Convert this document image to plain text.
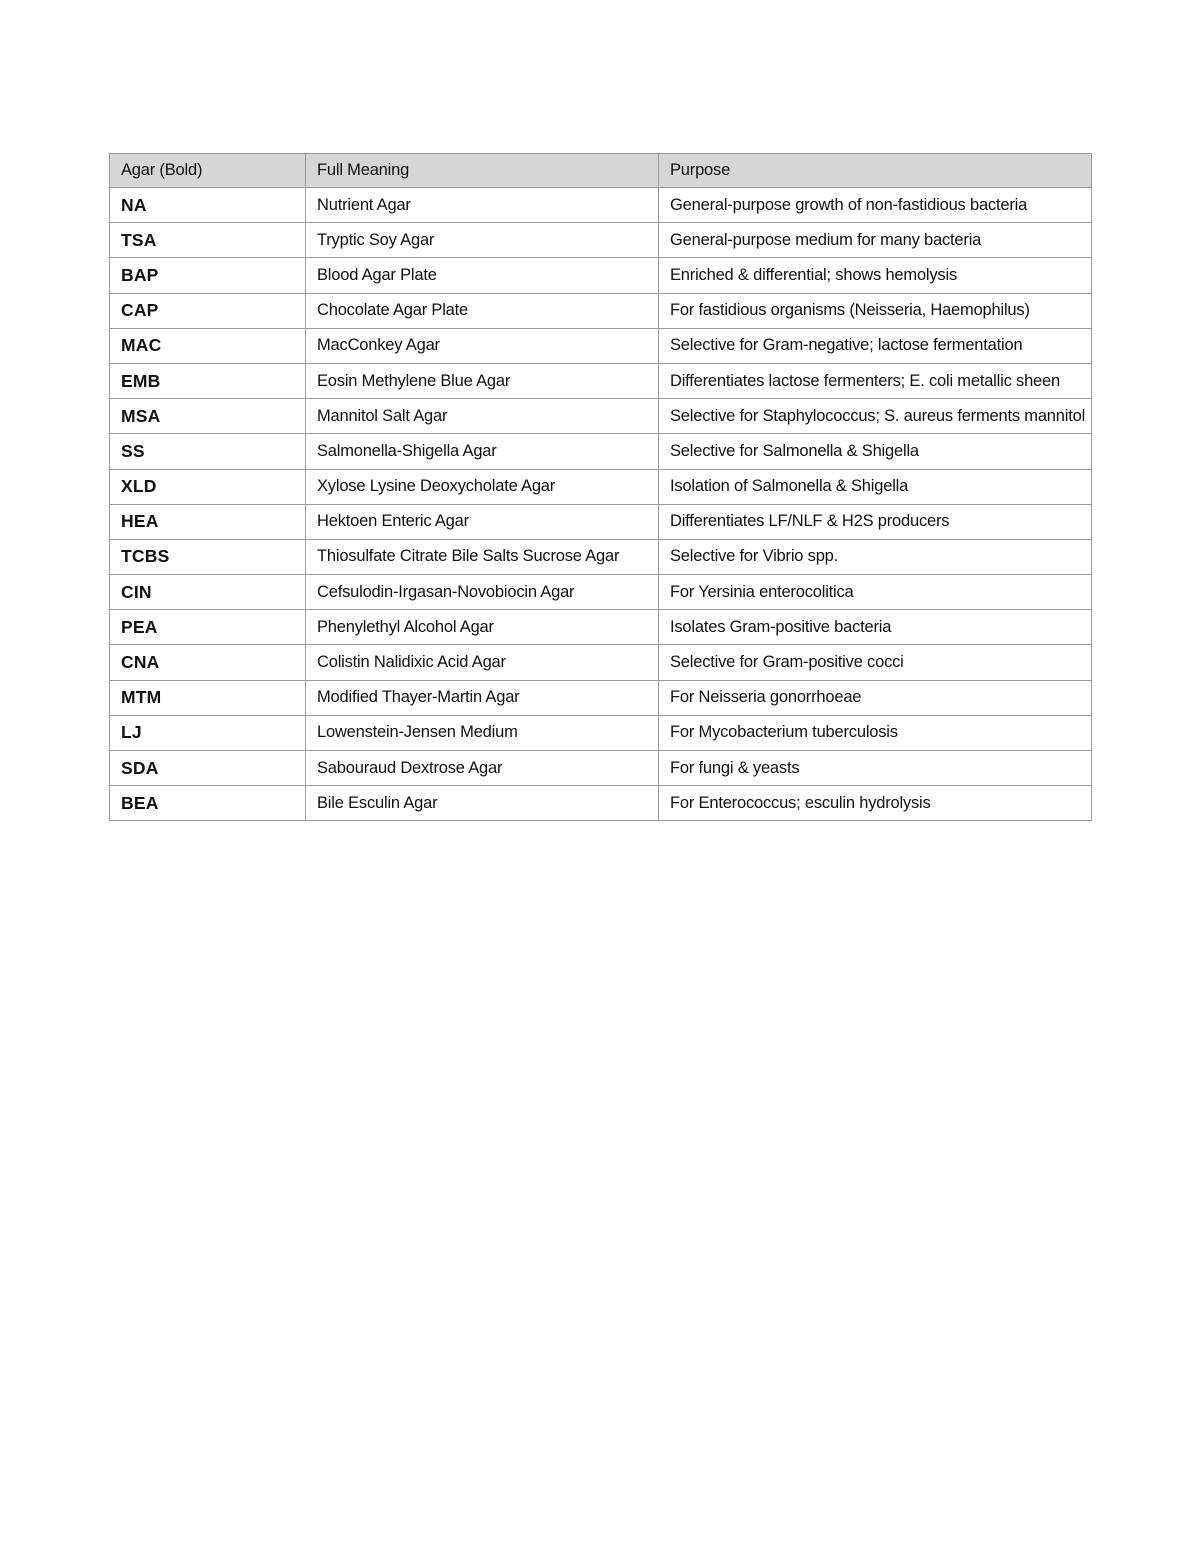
Agar (Bold)	Full Meaning	Purpose
NA	Nutrient Agar	General-purpose growth of non-fastidious bacteria
TSA	Tryptic Soy Agar	General-purpose medium for many bacteria
BAP	Blood Agar Plate	Enriched & differential; shows hemolysis
CAP	Chocolate Agar Plate	For fastidious organisms (Neisseria, Haemophilus)
MAC	MacConkey Agar	Selective for Gram-negative; lactose fermentation
EMB	Eosin Methylene Blue Agar	Differentiates lactose fermenters; E. coli metallic sheen
MSA	Mannitol Salt Agar	Selective for Staphylococcus; S. aureus ferments mannitol
SS	Salmonella-Shigella Agar	Selective for Salmonella & Shigella
XLD	Xylose Lysine Deoxycholate Agar	Isolation of Salmonella & Shigella
HEA	Hektoen Enteric Agar	Differentiates LF/NLF & H2S producers
TCBS	Thiosulfate Citrate Bile Salts Sucrose Agar	Selective for Vibrio spp.
CIN	Cefsulodin-Irgasan-Novobiocin Agar	For Yersinia enterocolitica
PEA	Phenylethyl Alcohol Agar	Isolates Gram-positive bacteria
CNA	Colistin Nalidixic Acid Agar	Selective for Gram-positive cocci
MTM	Modified Thayer-Martin Agar	For Neisseria gonorrhoeae
LJ	Lowenstein-Jensen Medium	For Mycobacterium tuberculosis
SDA	Sabouraud Dextrose Agar	For fungi & yeasts
BEA	Bile Esculin Agar	For Enterococcus; esculin hydrolysis
